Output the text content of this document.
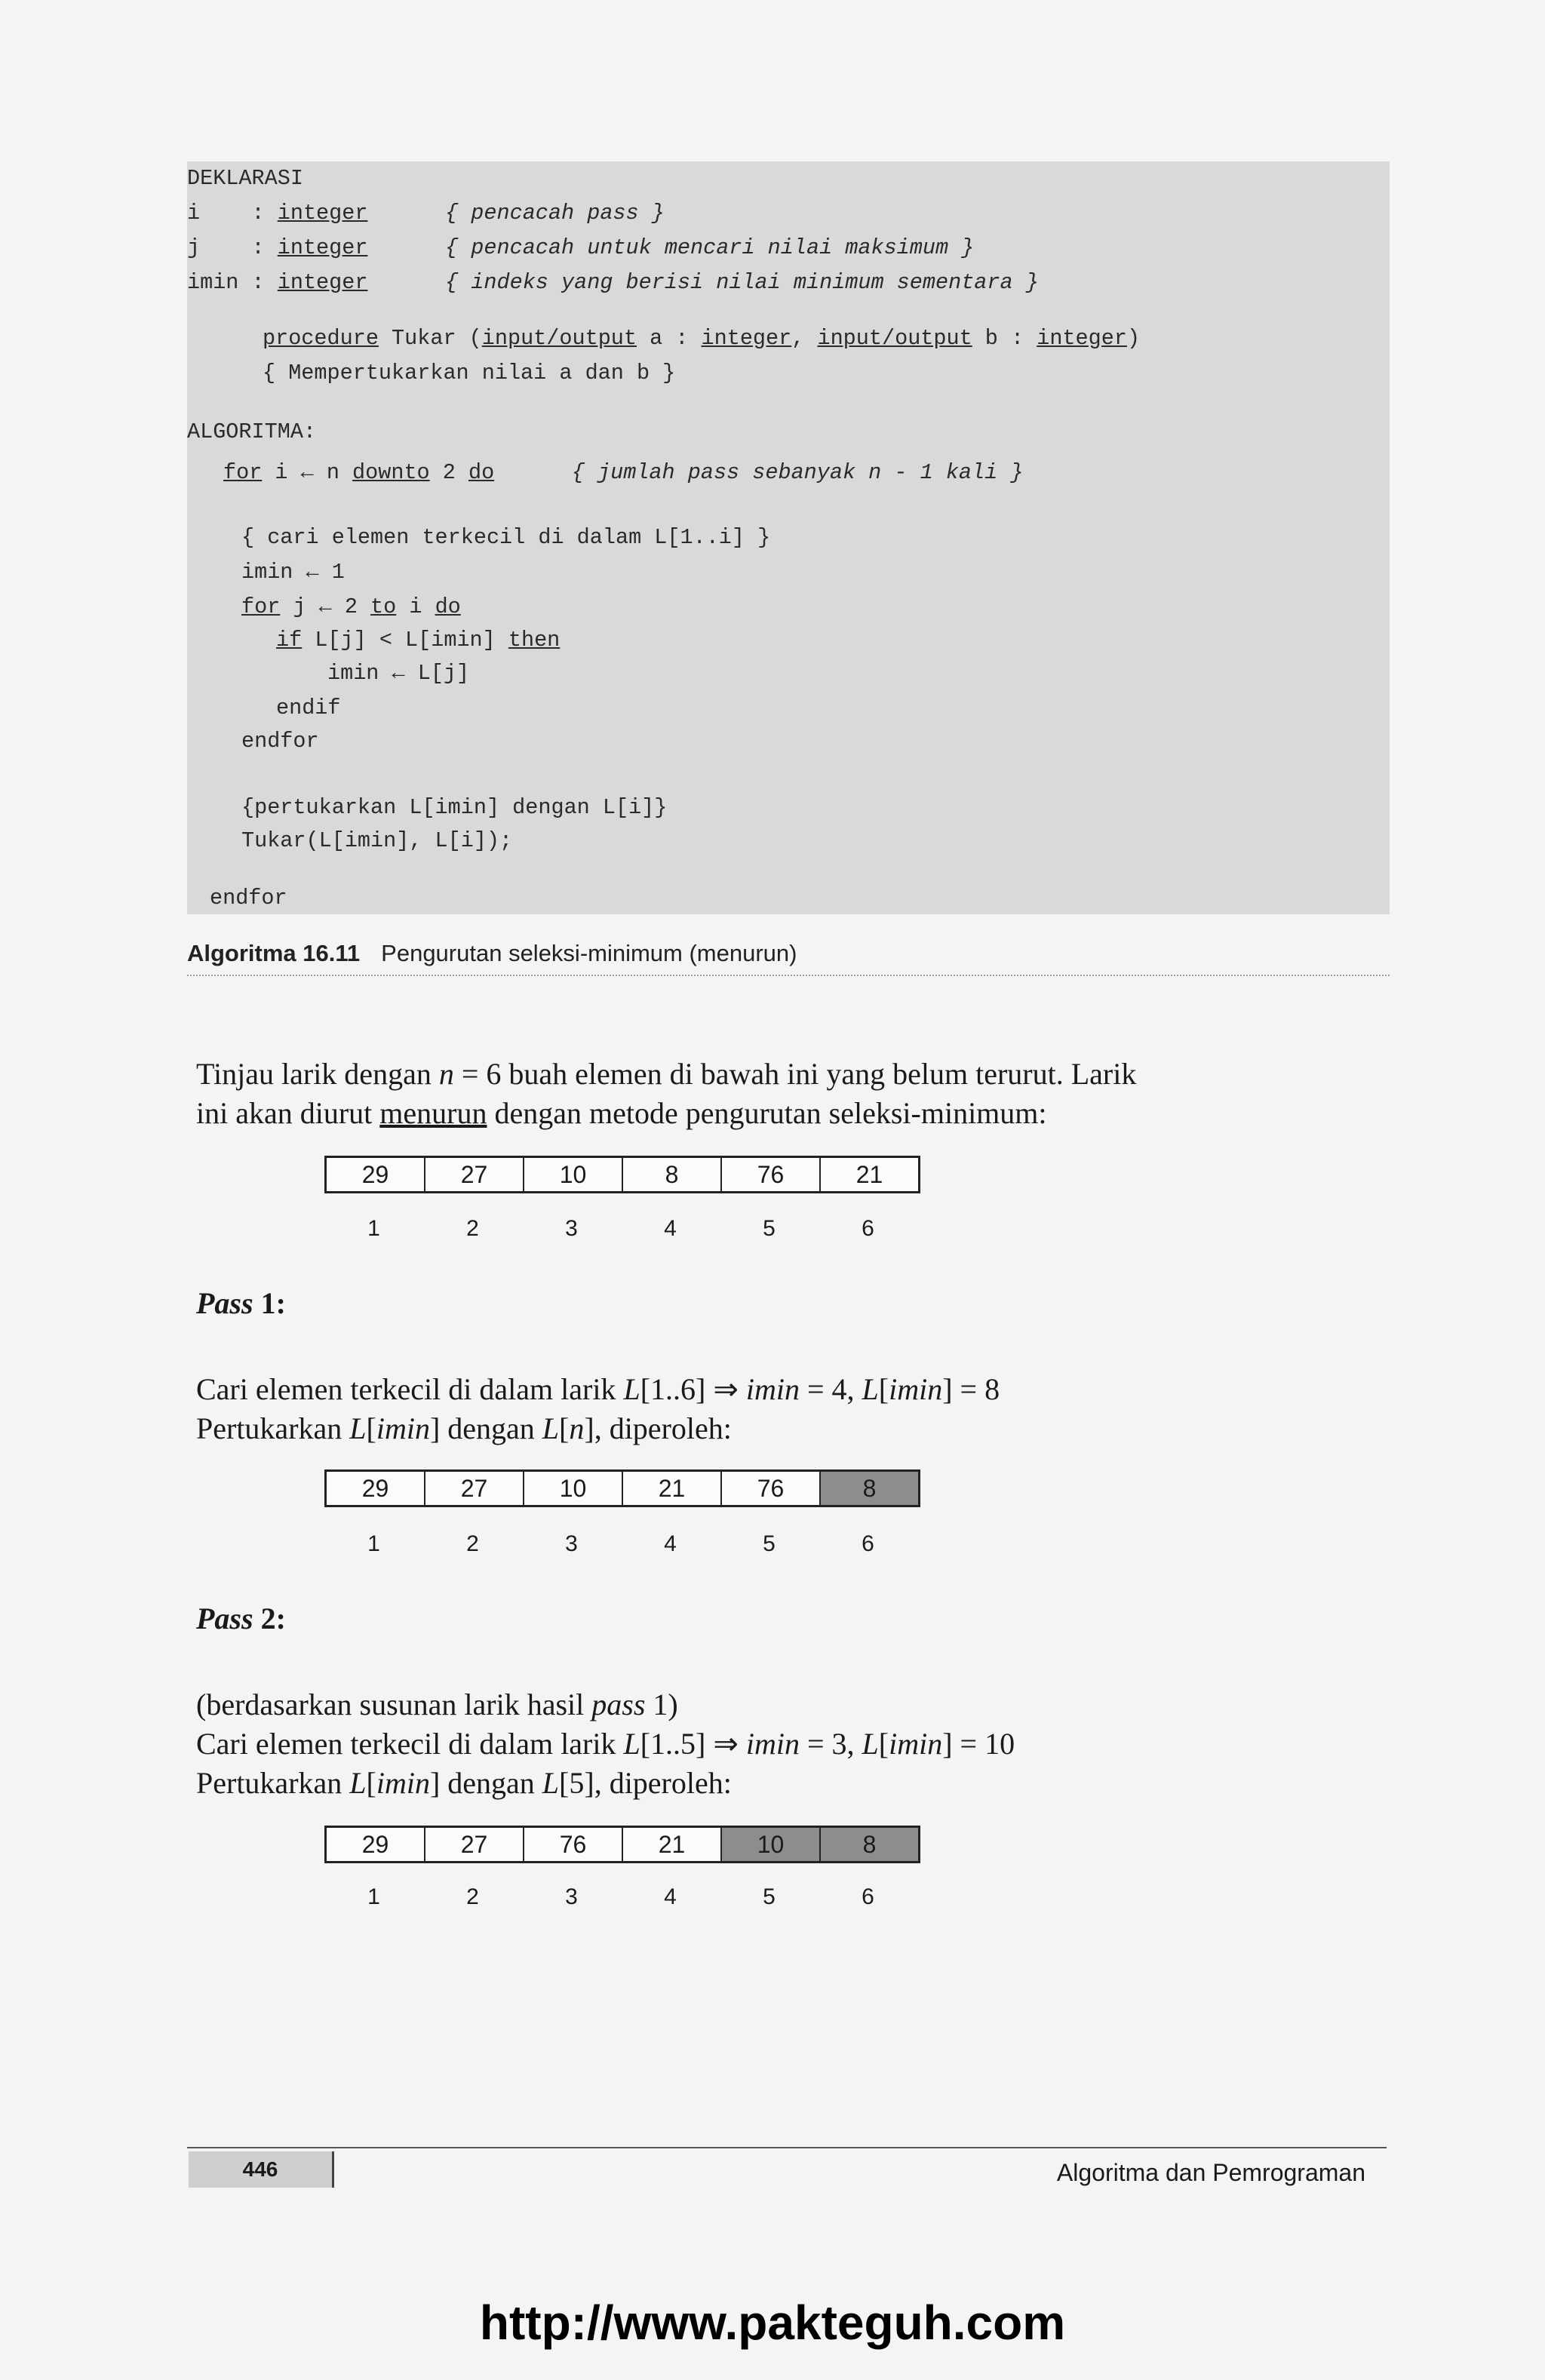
DEKLARASI
i    : integer      { pencacah pass }
j    : integer      { pencacah untuk mencari nilai maksimum }
imin : integer      { indeks yang berisi nilai minimum sementara }
procedure Tukar (input/output a : integer, input/output b : integer)
{ Mempertukarkan nilai a dan b }
ALGORITMA:
for i ← n downto 2 do      { jumlah pass sebanyak n - 1 kali }
{ cari elemen terkecil di dalam L[1..i] }
imin ← 1
for j ← 2 to i do
if L[j] < L[imin] then
imin ← L[j]
endif
endfor
{pertukarkan L[imin] dengan L[i]}
Tukar(L[imin], L[i]);
endfor
Algoritma 16.11 Pengurutan seleksi-minimum (menurun)
Tinjau larik dengan n = 6 buah elemen di bawah ini yang belum terurut. Larik
ini akan diurut menurun dengan metode pengurutan seleksi-minimum:
29	27	10	8	76	21
1	2	3	4	5	6
Pass 1:
Cari elemen terkecil di dalam larik L[1..6] ⇒ imin = 4, L[imin] = 8
Pertukarkan L[imin] dengan L[n], diperoleh:
29	27	10	21	76	8
1	2	3	4	5	6
Pass 2:
(berdasarkan susunan larik hasil pass 1)
Cari elemen terkecil di dalam larik L[1..5] ⇒ imin = 3, L[imin] = 10
Pertukarkan L[imin] dengan L[5], diperoleh:
29	27	76	21	10	8
1	2	3	4	5	6
446	Algoritma dan Pemrograman
http://www.pakteguh.com
